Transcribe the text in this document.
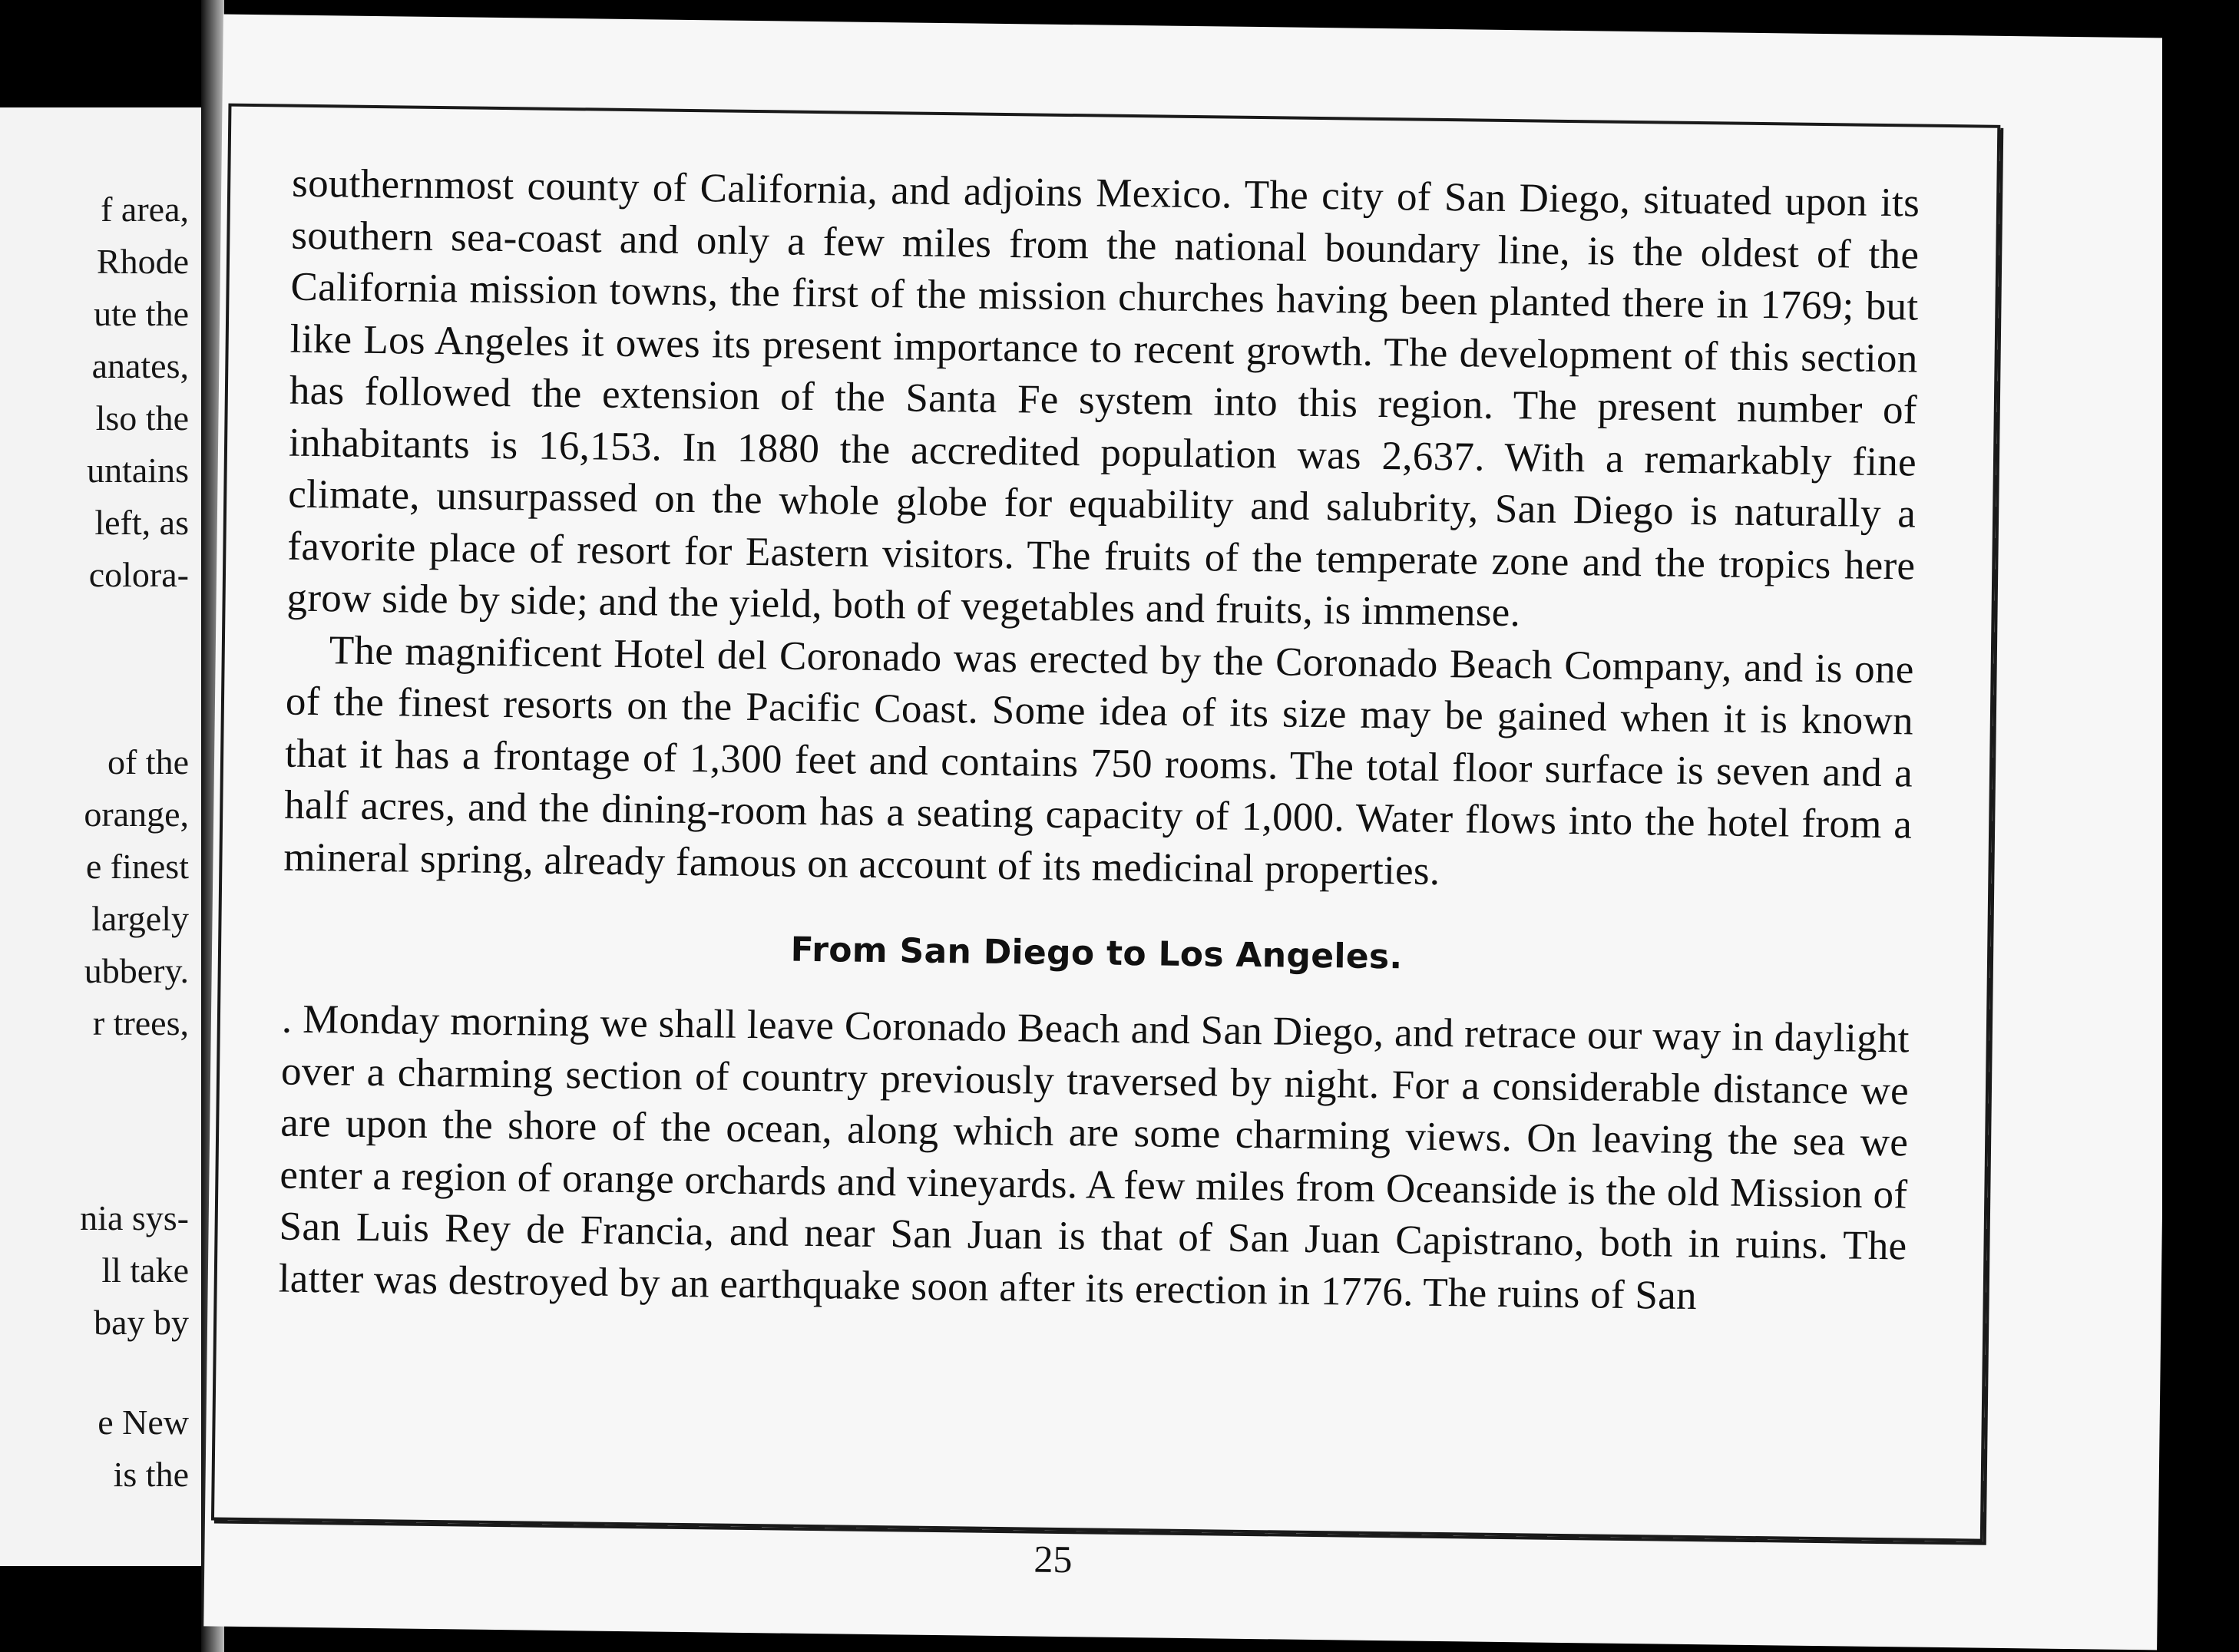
f area,
Rhode
ute the
anates,
lso the
untains
left, as
colora-
of the
orange,
e finest
largely
ubbery.
r trees,
nia sys-
ll take
bay by
e New
is the

southernmost county of California, and adjoins Mexico. The city of San Diego, situated upon its southern sea-coast and only a few miles from the national boundary line, is the oldest of the California mission towns, the first of the mission churches having been planted there in 1769; but like Los Angeles it owes its present importance to recent growth. The development of this section has followed the extension of the Santa Fe system into this region. The present number of inhabitants is 16,153. In 1880 the accredited population was 2,637. With a remarkably fine climate, unsurpassed on the whole globe for equability and salubrity, San Diego is naturally a favorite place of resort for Eastern visitors. The fruits of the temperate zone and the tropics here grow side by side; and the yield, both of vegetables and fruits, is immense.

The magnificent Hotel del Coronado was erected by the Coronado Beach Company, and is one of the finest resorts on the Pacific Coast. Some idea of its size may be gained when it is known that it has a frontage of 1,300 feet and contains 750 rooms. The total floor surface is seven and a half acres, and the dining-room has a seating capacity of 1,000. Water flows into the hotel from a mineral spring, already famous on account of its medicinal properties.

From San Diego to Los Angeles.

. Monday morning we shall leave Coronado Beach and San Diego, and retrace our way in daylight over a charming section of country previously traversed by night. For a considerable distance we are upon the shore of the ocean, along which are some charming views. On leaving the sea we enter a region of orange orchards and vineyards. A few miles from Oceanside is the old Mission of San Luis Rey de Francia, and near San Juan is that of San Juan Capistrano, both in ruins. The latter was destroyed by an earthquake soon after its erection in 1776. The ruins of San

25
